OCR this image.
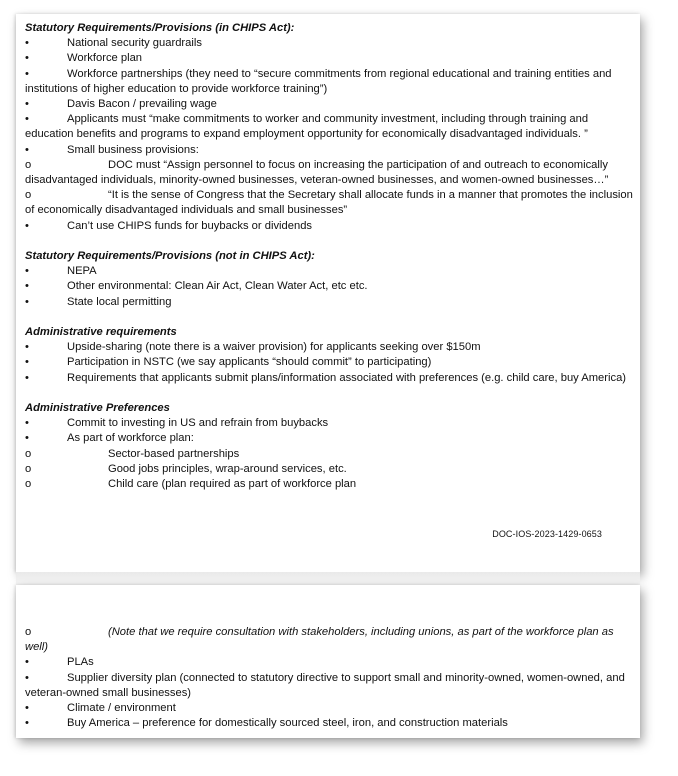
Statutory Requirements/Provisions (in CHIPS Act):
•	National security guardrails
•	Workforce plan
•	Workforce partnerships (they need to “secure commitments from regional educational and training entities and institutions of higher education to provide workforce training”)
•	Davis Bacon / prevailing wage
•	Applicants must “make commitments to worker and community investment, including through training and education benefits and programs to expand employment opportunity for economically disadvantaged individuals. ”
•	Small business provisions:
o	DOC must “Assign personnel to focus on increasing the participation of and outreach to economically disadvantaged individuals, minority-owned businesses, veteran-owned businesses, and women-owned businesses…”
o	“It is the sense of Congress that the Secretary shall allocate funds in a manner that promotes the inclusion of economically disadvantaged individuals and small businesses”
•	Can’t use CHIPS funds for buybacks or dividends
Statutory Requirements/Provisions (not in CHIPS Act):
•	NEPA
•	Other environmental: Clean Air Act, Clean Water Act, etc etc.
•	State local permitting
Administrative requirements
•	Upside-sharing (note there is a waiver provision) for applicants seeking over $150m
•	Participation in NSTC (we say applicants “should commit” to participating)
•	Requirements that applicants submit plans/information associated with preferences (e.g. child care, buy America)
Administrative Preferences
•	Commit to investing in US and refrain from buybacks
•	As part of workforce plan:
o	Sector-based partnerships
o	Good jobs principles, wrap-around services, etc.
o	Child care (plan required as part of workforce plan
DOC-IOS-2023-1429-0653
o	(Note that we require consultation with stakeholders, including unions, as part of the workforce plan as well)
•	PLAs
•	Supplier diversity plan (connected to statutory directive to support small and minority-owned, women-owned, and veteran-owned small businesses)
•	Climate / environment
•	Buy America – preference for domestically sourced steel, iron, and construction materials
